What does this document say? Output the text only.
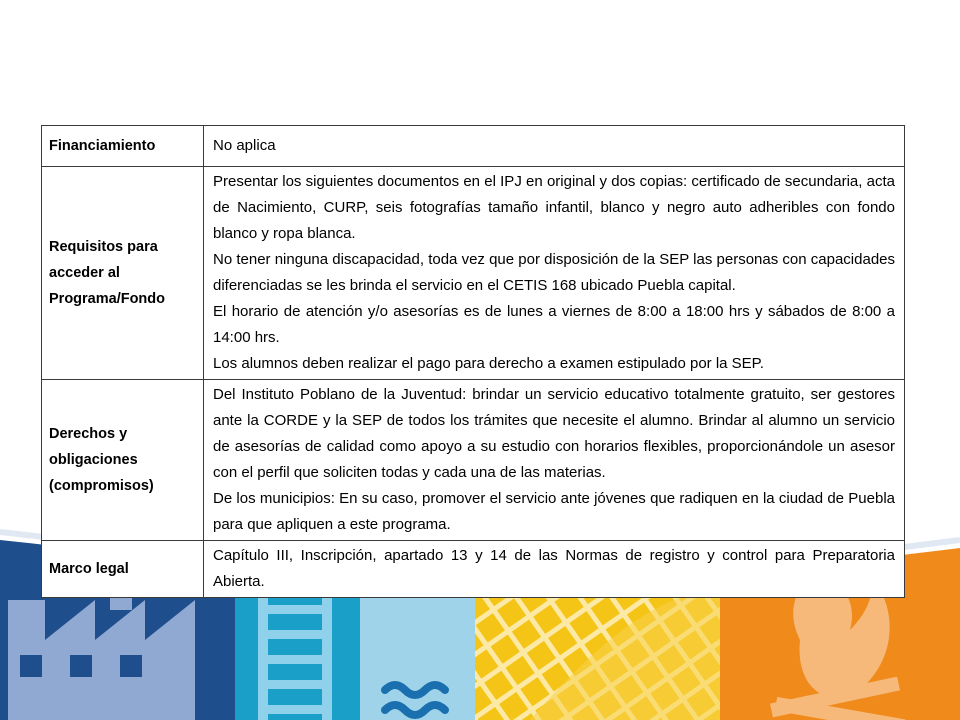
Financiamiento	No aplica

Requisitos para acceder al Programa/Fondo	Presentar los siguientes documentos en el IPJ en original y dos copias: certificado de secundaria, acta de Nacimiento, CURP, seis fotografías tamaño infantil, blanco y negro auto adheribles con fondo blanco y ropa blanca.

No tener ninguna discapacidad, toda vez que por disposición de la SEP las personas con capacidades diferenciadas se les brinda el servicio en el CETIS 168 ubicado Puebla capital.

El horario de atención y/o asesorías es de lunes a viernes de 8:00 a 18:00 hrs y sábados de 8:00 a 14:00 hrs.

Los alumnos deben realizar el pago para derecho a examen estipulado por la SEP.

Derechos y obligaciones (compromisos)	Del Instituto Poblano de la Juventud: brindar un servicio educativo totalmente gratuito, ser gestores ante la CORDE y la SEP de todos los trámites que necesite el alumno. Brindar al alumno un servicio de asesorías de calidad como apoyo a su estudio con horarios flexibles, proporcionándole un asesor con el perfil que soliciten todas y cada una de las materias.

De los municipios: En su caso, promover el servicio ante jóvenes que radiquen en la ciudad de Puebla para que apliquen a este programa.

Marco legal	Capítulo III, Inscripción, apartado 13 y 14 de las Normas de registro y control para Preparatoria Abierta.
